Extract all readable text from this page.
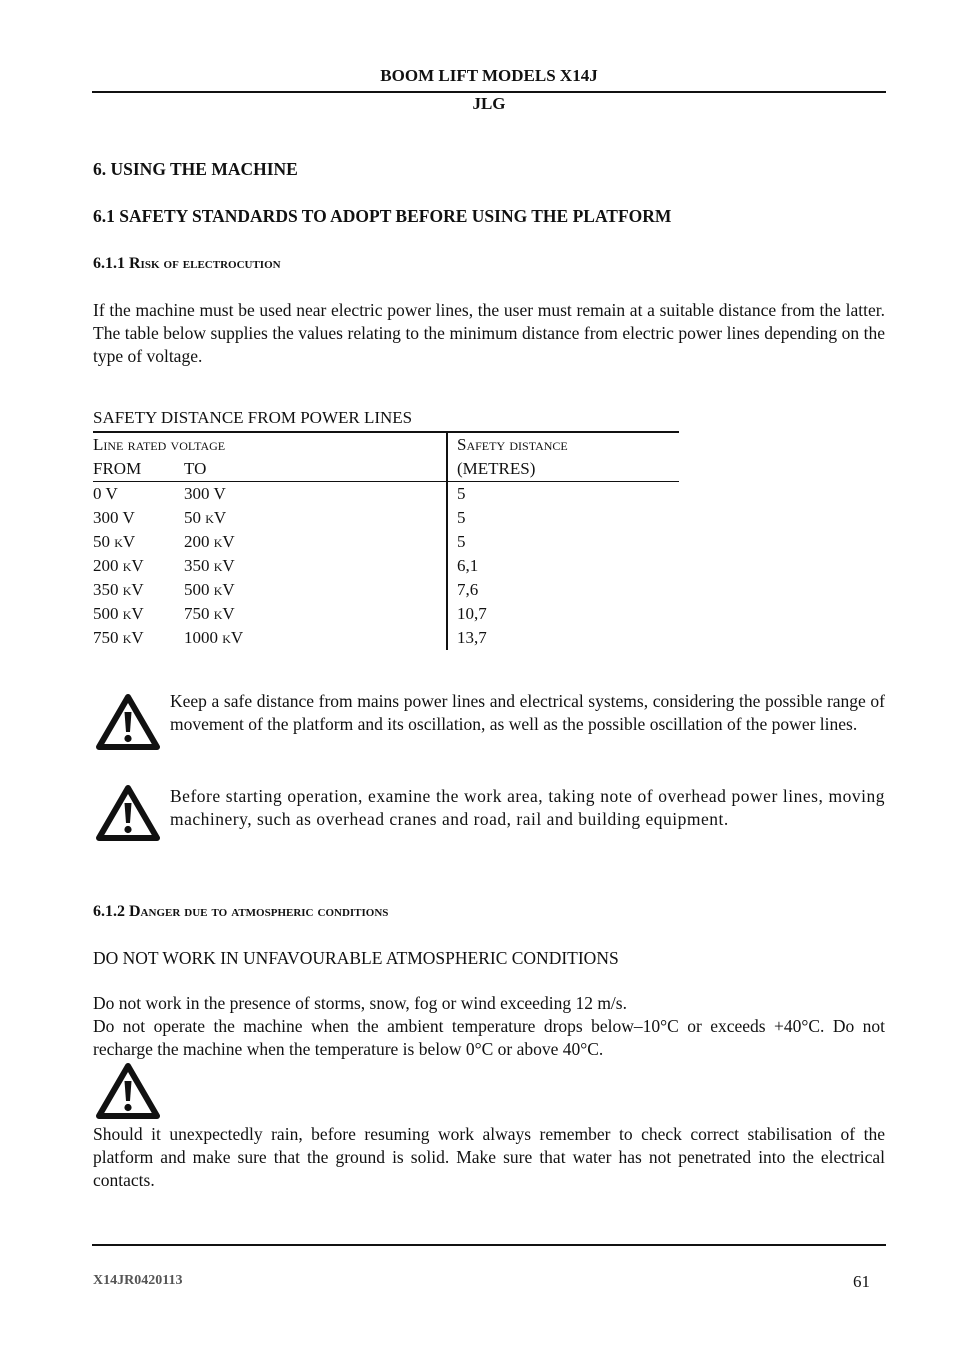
BOOM LIFT MODELS X14J
JLG
6. USING THE MACHINE
6.1 SAFETY STANDARDS TO ADOPT BEFORE USING THE PLATFORM
6.1.1 Risk of electrocution
If the machine must be used near electric power lines, the user must remain at a suitable distance from the latter. The table below supplies the values relating to the minimum distance from electric power lines depending on the type of voltage.
SAFETY DISTANCE FROM POWER LINES
Line rated voltage		Safety distance
FROM	TO	(METRES)
0 V	300 V	5
300 V	50 kV	5
50 kV	200 kV	5
200 kV	350 kV	6,1
350 kV	500 kV	7,6
500 kV	750 kV	10,7
750 kV	1000 kV	13,7
Keep a safe distance from mains power lines and electrical systems, considering the possible range of movement of the platform and its oscillation, as well as the possible oscillation of the power lines.
Before starting operation, examine the work area, taking note of overhead power lines, moving machinery, such as overhead cranes and road, rail and building equipment.
6.1.2 Danger due to atmospheric conditions
DO NOT WORK IN UNFAVOURABLE ATMOSPHERIC CONDITIONS
Do not work in the presence of storms, snow, fog or wind exceeding 12 m/s.
Do not operate the machine when the ambient temperature drops below–10°C or exceeds +40°C. Do not recharge the machine when the temperature is below 0°C or above 40°C.
Should it unexpectedly rain, before resuming work always remember to check correct stabilisation of the platform and make sure that the ground is solid. Make sure that water has not penetrated into the electrical contacts.
X14JR0420113	61
